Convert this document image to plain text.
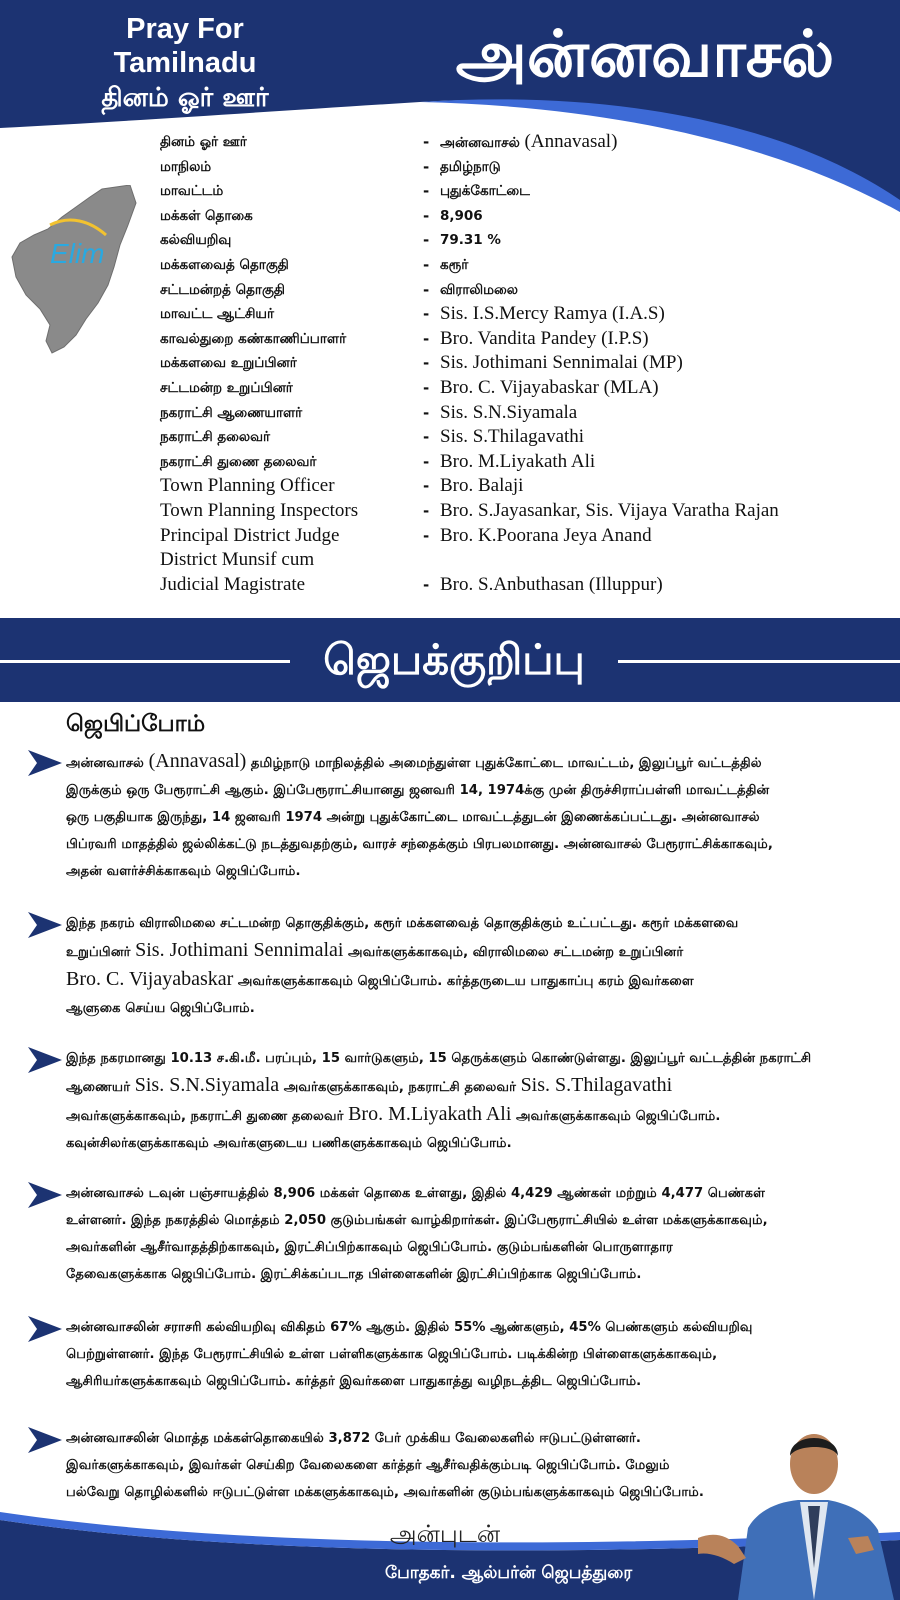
Pray For Tamilnadu
தினம் ஓர் ஊர்
அன்னவாசல்
Elim
தினம் ஓர் ஊர்	- அன்னவாசல் (Annavasal)
மாநிலம்	- தமிழ்நாடு
மாவட்டம்	- புதுக்கோட்டை
மக்கள் தொகை	- 8,906
கல்வியறிவு	- 79.31 %
மக்களவைத் தொகுதி	- கரூர்
சட்டமன்றத் தொகுதி	- விராலிமலை
மாவட்ட ஆட்சியர்	- Sis. I.S.Mercy Ramya (I.A.S)
காவல்துறை கண்காணிப்பாளர்	- Bro. Vandita Pandey (I.P.S)
மக்களவை உறுப்பினர்	- Sis. Jothimani Sennimalai (MP)
சட்டமன்ற உறுப்பினர்	- Bro. C. Vijayabaskar (MLA)
நகராட்சி ஆணையாளர்	- Sis. S.N.Siyamala
நகராட்சி தலைவர்	- Sis. S.Thilagavathi
நகராட்சி துணை தலைவர்	- Bro. M.Liyakath Ali
Town Planning Officer	- Bro. Balaji
Town Planning Inspectors	- Bro. S.Jayasankar, Sis. Vijaya Varatha Rajan
Principal District Judge	- Bro. K.Poorana Jeya Anand
District Munsif cum
Judicial Magistrate	- Bro. S.Anbuthasan (Illuppur)
ஜெபக்குறிப்பு
ஜெபிப்போம்
அன்னவாசல் (Annavasal) தமிழ்நாடு மாநிலத்தில் அமைந்துள்ள புதுக்கோட்டை மாவட்டம், இலுப்பூர் வட்டத்தில்
இருக்கும் ஒரு பேரூராட்சி ஆகும். இப்பேரூராட்சியானது ஜனவரி 14, 1974க்கு முன் திருச்சிராப்பள்ளி மாவட்டத்தின்
ஒரு பகுதியாக இருந்து, 14 ஜனவரி 1974 அன்று புதுக்கோட்டை மாவட்டத்துடன் இணைக்கப்பட்டது. அன்னவாசல்
பிப்ரவரி மாதத்தில் ஜல்லிக்கட்டு நடத்துவதற்கும், வாரச் சந்தைக்கும் பிரபலமானது. அன்னவாசல் பேரூராட்சிக்காகவும்,
அதன் வளர்ச்சிக்காகவும் ஜெபிப்போம்.
இந்த நகரம் விராலிமலை சட்டமன்ற தொகுதிக்கும், கரூர் மக்களவைத் தொகுதிக்கும் உட்பட்டது. கரூர் மக்களவை
உறுப்பினர் Sis. Jothimani Sennimalai அவர்களுக்காகவும், விராலிமலை சட்டமன்ற உறுப்பினர்
Bro. C. Vijayabaskar அவர்களுக்காகவும் ஜெபிப்போம். கர்த்தருடைய பாதுகாப்பு கரம் இவர்களை
ஆளுகை செய்ய ஜெபிப்போம்.
இந்த நகரமானது 10.13 ச.கி.மீ. பரப்பும், 15 வார்டுகளும், 15 தெருக்களும் கொண்டுள்ளது. இலுப்பூர் வட்டத்தின் நகராட்சி
ஆணையர் Sis. S.N.Siyamala அவர்களுக்காகவும், நகராட்சி தலைவர் Sis. S.Thilagavathi
அவர்களுக்காகவும், நகராட்சி துணை தலைவர் Bro. M.Liyakath Ali அவர்களுக்காகவும் ஜெபிப்போம்.
கவுன்சிலர்களுக்காகவும் அவர்களுடைய பணிகளுக்காகவும் ஜெபிப்போம்.
அன்னவாசல் டவுன் பஞ்சாயத்தில் 8,906 மக்கள் தொகை உள்ளது, இதில் 4,429 ஆண்கள் மற்றும் 4,477 பெண்கள்
உள்ளனர். இந்த நகரத்தில் மொத்தம் 2,050 குடும்பங்கள் வாழ்கிறார்கள். இப்பேரூராட்சியில் உள்ள மக்களுக்காகவும்,
அவர்களின் ஆசீர்வாதத்திற்காகவும், இரட்சிப்பிற்காகவும் ஜெபிப்போம். குடும்பங்களின் பொருளாதார
தேவைகளுக்காக ஜெபிப்போம். இரட்சிக்கப்படாத பிள்ளைகளின் இரட்சிப்பிற்காக ஜெபிப்போம்.
அன்னவாசலின் சராசரி கல்வியறிவு விகிதம் 67% ஆகும். இதில் 55% ஆண்களும், 45% பெண்களும் கல்வியறிவு
பெற்றுள்ளனர். இந்த பேரூராட்சியில் உள்ள பள்ளிகளுக்காக ஜெபிப்போம். படிக்கின்ற பிள்ளைகளுக்காகவும்,
ஆசிரியர்களுக்காகவும் ஜெபிப்போம். கர்த்தர் இவர்களை பாதுகாத்து வழிநடத்திட ஜெபிப்போம்.
அன்னவாசலின் மொத்த மக்கள்தொகையில் 3,872 பேர் முக்கிய வேலைகளில் ஈடுபட்டுள்ளனர்.
இவர்களுக்காகவும், இவர்கள் செய்கிற வேலைகளை கர்த்தர் ஆசீர்வதிக்கும்படி ஜெபிப்போம். மேலும்
பல்வேறு தொழில்களில் ஈடுபட்டுள்ள மக்களுக்காகவும், அவர்களின் குடும்பங்களுக்காகவும் ஜெபிப்போம்.
அன்புடன்
போதகர். ஆல்பர்ன் ஜெபத்துரை
